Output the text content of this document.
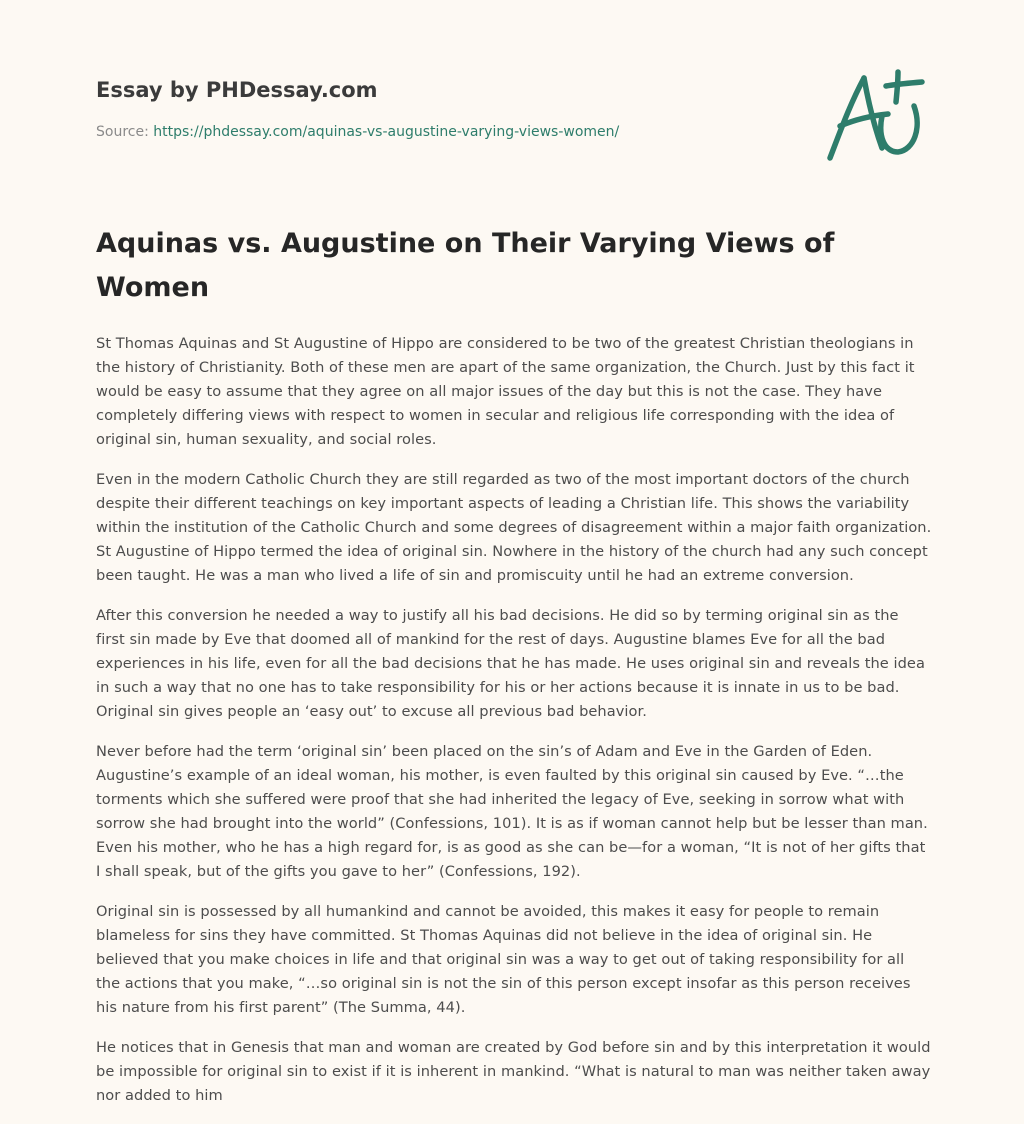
Essay by PHDessay.com
Source: https://phdessay.com/aquinas-vs-augustine-varying-views-women/
Aquinas vs. Augustine on Their Varying Views of Women

St Thomas Aquinas and St Augustine of Hippo are considered to be two of the greatest Christian theologians in the history of Christianity. Both of these men are apart of the same organization, the Church. Just by this fact it would be easy to assume that they agree on all major issues of the day but this is not the case. They have completely differing views with respect to women in secular and religious life corresponding with the idea of original sin, human sexuality, and social roles.

Even in the modern Catholic Church they are still regarded as two of the most important doctors of the church despite their different teachings on key important aspects of leading a Christian life. This shows the variability within the institution of the Catholic Church and some degrees of disagreement within a major faith organization. St Augustine of Hippo termed the idea of original sin. Nowhere in the history of the church had any such concept been taught. He was a man who lived a life of sin and promiscuity until he had an extreme conversion.

After this conversion he needed a way to justify all his bad decisions. He did so by terming original sin as the first sin made by Eve that doomed all of mankind for the rest of days. Augustine blames Eve for all the bad experiences in his life, even for all the bad decisions that he has made. He uses original sin and reveals the idea in such a way that no one has to take responsibility for his or her actions because it is innate in us to be bad. Original sin gives people an ‘easy out’ to excuse all previous bad behavior.

Never before had the term ‘original sin’ been placed on the sin’s of Adam and Eve in the Garden of Eden. Augustine’s example of an ideal woman, his mother, is even faulted by this original sin caused by Eve. “…the torments which she suffered were proof that she had inherited the legacy of Eve, seeking in sorrow what with sorrow she had brought into the world” (Confessions, 101). It is as if woman cannot help but be lesser than man. Even his mother, who he has a high regard for, is as good as she can be—for a woman, “It is not of her gifts that I shall speak, but of the gifts you gave to her” (Confessions, 192).

Original sin is possessed by all humankind and cannot be avoided, this makes it easy for people to remain blameless for sins they have committed. St Thomas Aquinas did not believe in the idea of original sin. He believed that you make choices in life and that original sin was a way to get out of taking responsibility for all the actions that you make, “…so original sin is not the sin of this person except insofar as this person receives his nature from his first parent” (The Summa, 44).

He notices that in Genesis that man and woman are created by God before sin and by this interpretation it would be impossible for original sin to exist if it is inherent in mankind. “What is natural to man was neither taken away nor added to him
